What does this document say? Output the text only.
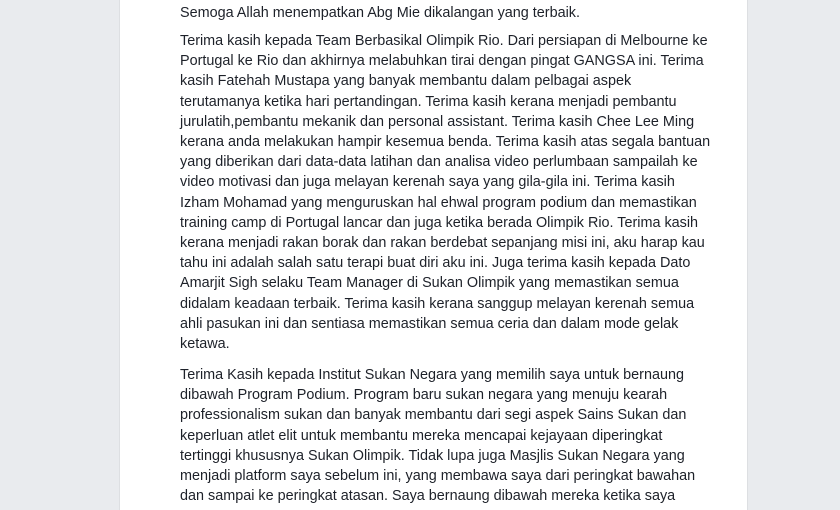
Semoga Allah menempatkan Abg Mie dikalangan yang terbaik.

Terima kasih kepada Team Berbasikal Olimpik Rio. Dari persiapan di Melbourne ke
Portugal ke Rio dan akhirnya melabuhkan tirai dengan pingat GANGSA ini. Terima
kasih Fatehah Mustapa yang banyak membantu dalam pelbagai aspek
terutamanya ketika hari pertandingan. Terima kasih kerana menjadi pembantu
jurulatih,pembantu mekanik dan personal assistant. Terima kasih Chee Lee Ming
kerana anda melakukan hampir kesemua benda. Terima kasih atas segala bantuan
yang diberikan dari data-data latihan dan analisa video perlumbaan sampailah ke
video motivasi dan juga melayan kerenah saya yang gila-gila ini. Terima kasih
Izham Mohamad yang menguruskan hal ehwal program podium dan memastikan
training camp di Portugal lancar dan juga ketika berada Olimpik Rio. Terima kasih
kerana menjadi rakan borak dan rakan berdebat sepanjang misi ini, aku harap kau
tahu ini adalah salah satu terapi buat diri aku ini. Juga terima kasih kepada Dato
Amarjit Sigh selaku Team Manager di Sukan Olimpik yang memastikan semua
didalam keadaan terbaik. Terima kasih kerana sanggup melayan kerenah semua
ahli pasukan ini dan sentiasa memastikan semua ceria dan dalam mode gelak
ketawa.

Terima Kasih kepada Institut Sukan Negara yang memilih saya untuk bernaung
dibawah Program Podium. Program baru sukan negara yang menuju kearah
professionalism sukan dan banyak membantu dari segi aspek Sains Sukan dan
keperluan atlet elit untuk membantu mereka mencapai kejayaan diperingkat
tertinggi khususnya Sukan Olimpik. Tidak lupa juga Masjlis Sukan Negara yang
menjadi platform saya sebelum ini, yang membawa saya dari peringkat bawahan
dan sampai ke peringkat atasan. Saya bernaung dibawah mereka ketika saya
